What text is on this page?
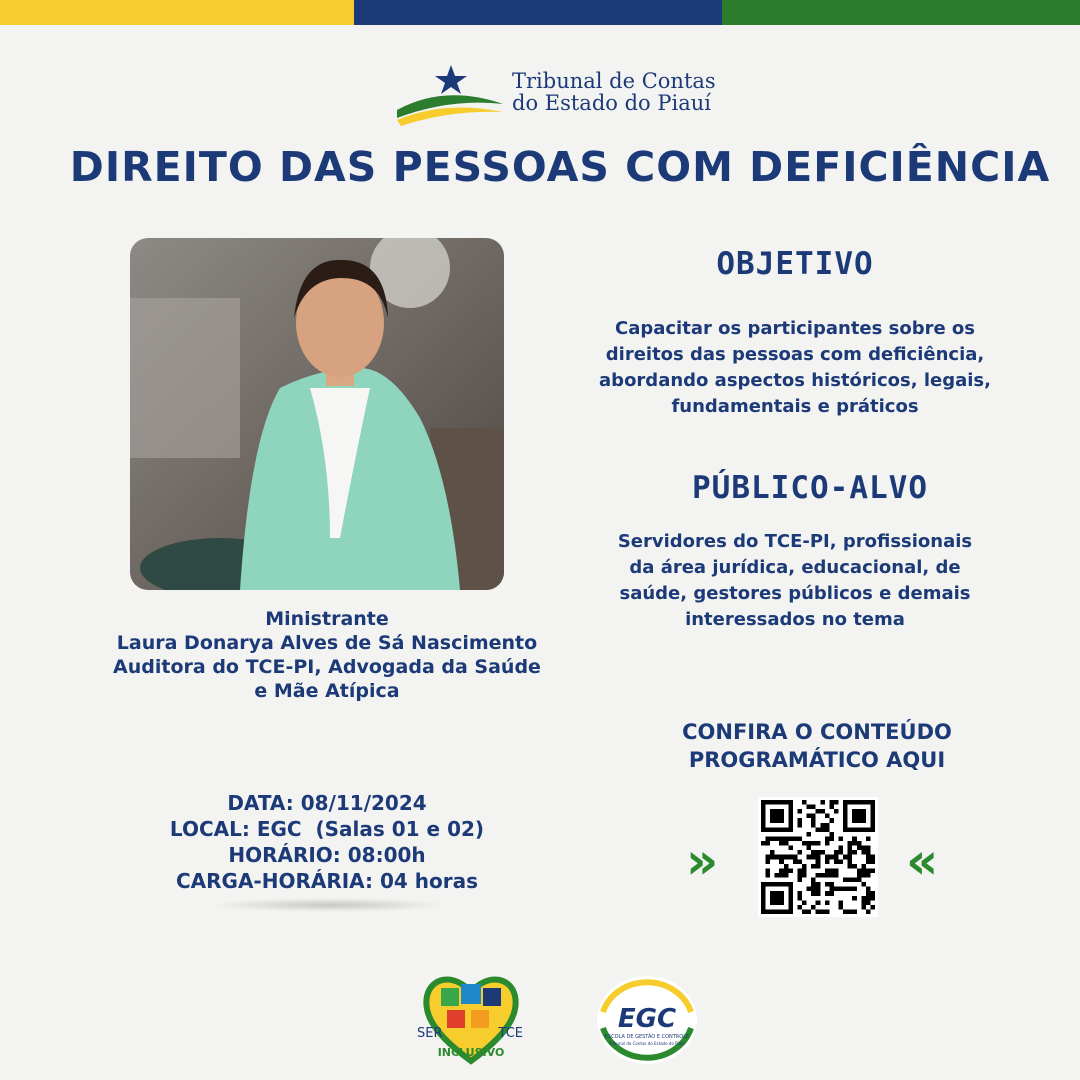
Tribunal de Contas
do Estado do Piauí
DIREITO DAS PESSOAS COM DEFICIÊNCIA
Ministrante
Laura Donarya Alves de Sá Nascimento
Auditora do TCE-PI, Advogada da Saúde
e Mãe Atípica
DATA: 08/11/2024
LOCAL: EGC  (Salas 01 e 02)
HORÁRIO: 08:00h
CARGA-HORÁRIA: 04 horas
OBJETIVO
Capacitar os participantes sobre os
direitos das pessoas com deficiência,
abordando aspectos históricos, legais,
fundamentais e práticos
PÚBLICO-ALVO
Servidores do TCE-PI, profissionais
da área jurídica, educacional, de
saúde, gestores públicos e demais
interessados no tema
CONFIRA O CONTEÚDO
PROGRAMÁTICO AQUI
»	«
SER	TCE
INCLUSIVO
EGC
ESCOLA DE GESTÃO E CONTROLE
Tribunal de Contas do Estado do Piauí
